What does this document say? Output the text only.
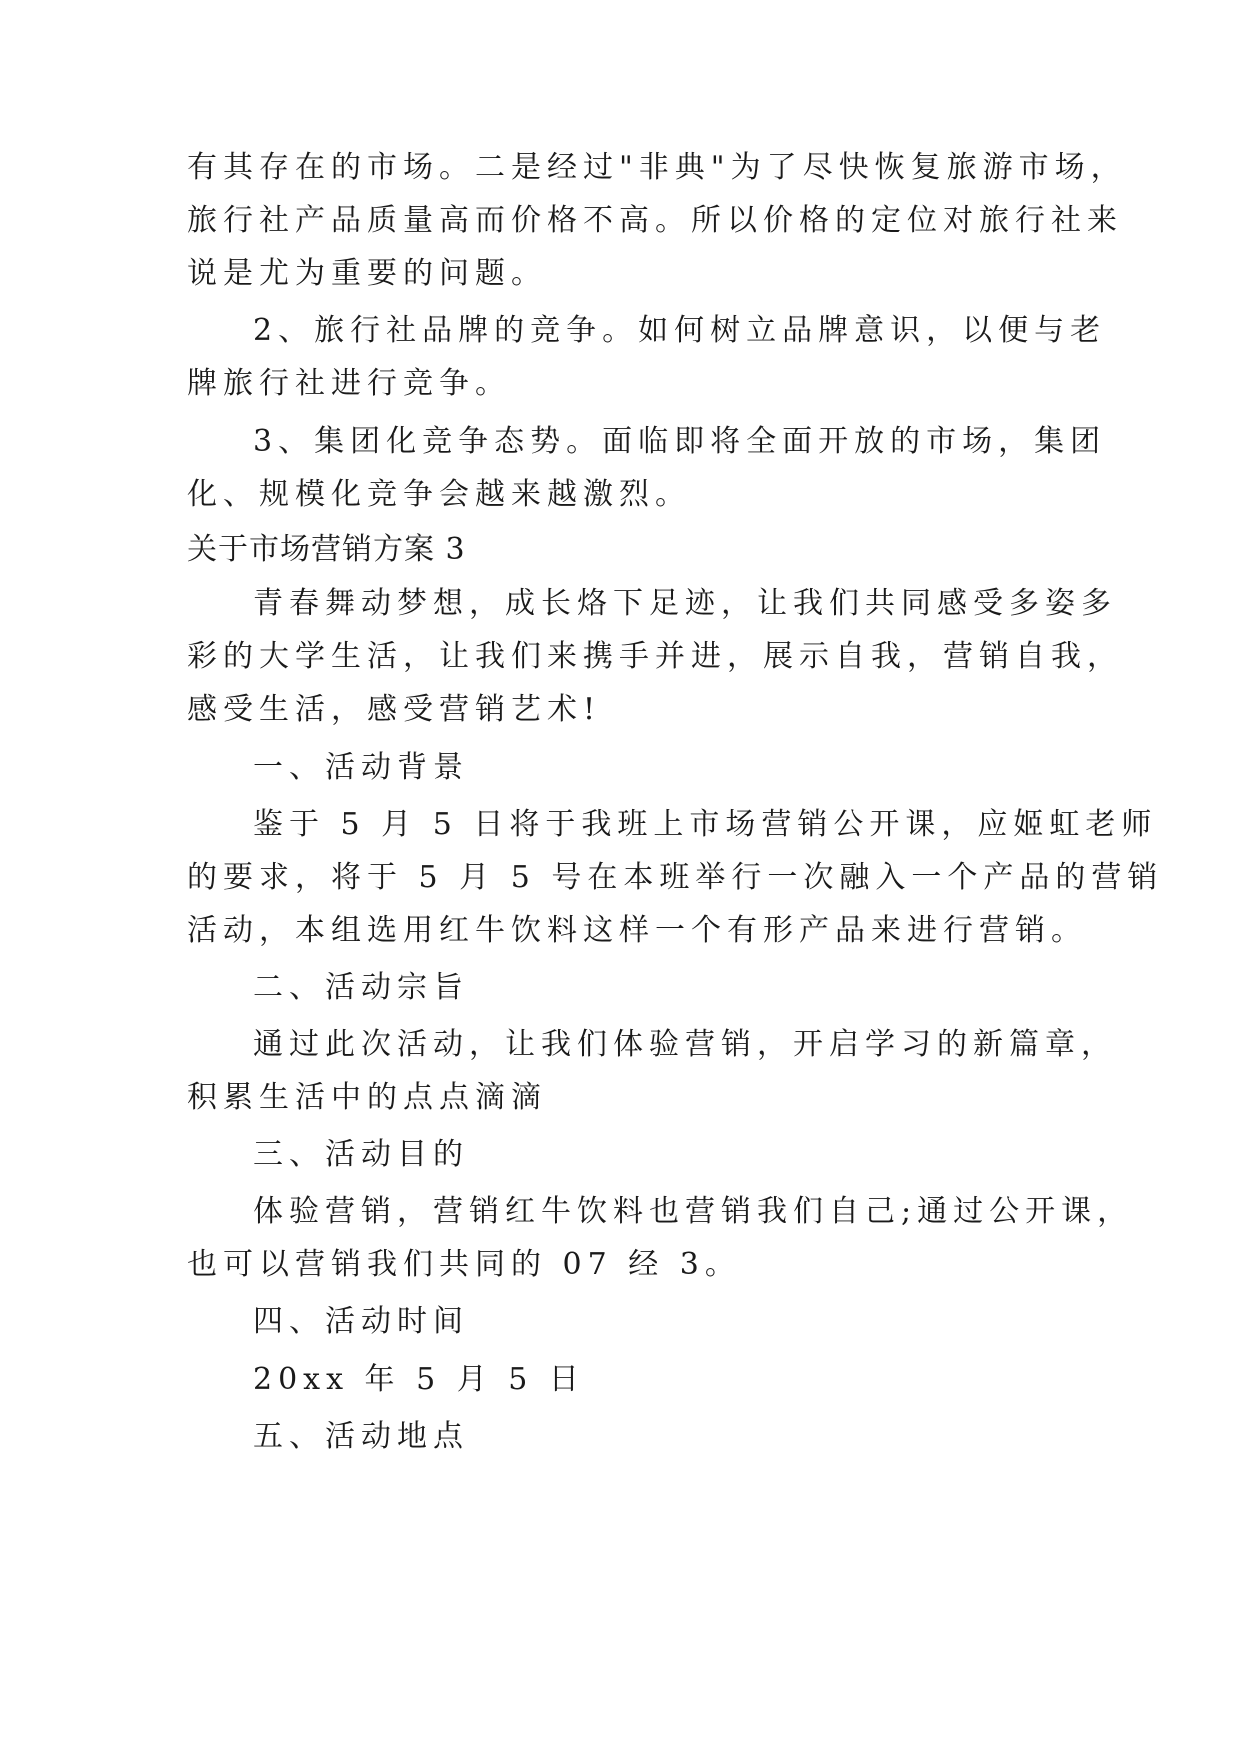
有其存在的市场。二是经过"非典"为了尽快恢复旅游市场，
旅行社产品质量高而价格不高。所以价格的定位对旅行社来
说是尤为重要的问题。
2、旅行社品牌的竞争。如何树立品牌意识，以便与老
牌旅行社进行竞争。
3、集团化竞争态势。面临即将全面开放的市场，集团
化、规模化竞争会越来越激烈。
关于市场营销方案 3
青春舞动梦想，成长烙下足迹，让我们共同感受多姿多
彩的大学生活，让我们来携手并进，展示自我，营销自我，
感受生活，感受营销艺术!
一、活动背景
鉴于 5 月 5 日将于我班上市场营销公开课，应姬虹老师
的要求，将于 5 月 5 号在本班举行一次融入一个产品的营销
活动，本组选用红牛饮料这样一个有形产品来进行营销。
二、活动宗旨
通过此次活动，让我们体验营销，开启学习的新篇章，
积累生活中的点点滴滴
三、活动目的
体验营销，营销红牛饮料也营销我们自己;通过公开课，
也可以营销我们共同的 07 经 3。
四、活动时间
20xx 年 5 月 5 日
五、活动地点
